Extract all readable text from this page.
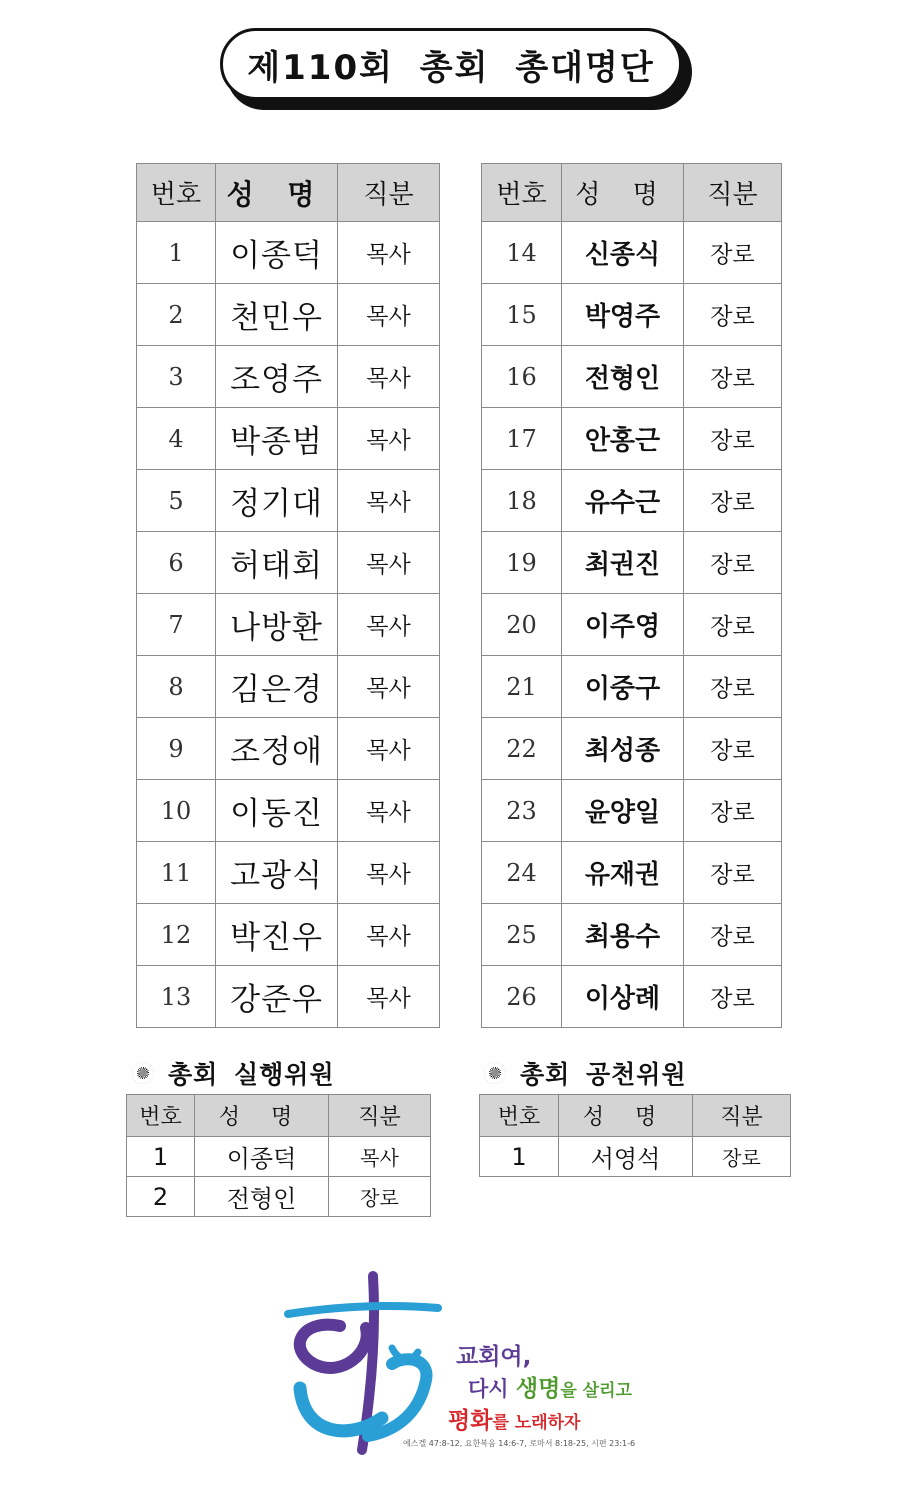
제110회 총회 총대명단
번호	성 명	직분
1	이종덕	목사
2	천민우	목사
3	조영주	목사
4	박종범	목사
5	정기대	목사
6	허태회	목사
7	나방환	목사
8	김은경	목사
9	조정애	목사
10	이동진	목사
11	고광식	목사
12	박진우	목사
13	강준우	목사
번호	성 명	직분
14	신종식	장로
15	박영주	장로
16	전형인	장로
17	안홍근	장로
18	유수근	장로
19	최권진	장로
20	이주영	장로
21	이중구	장로
22	최성종	장로
23	윤양일	장로
24	유재권	장로
25	최용수	장로
26	이상례	장로
총회 실행위원
번호	성 명	직분
1	이종덕	목사
2	전형인	장로
총회 공천위원
번호	성 명	직분
1	서영석	장로
교회여,
다시 생명을 살리고
평화를 노래하자
에스겔 47:8-12, 요한복음 14:6-7, 로마서 8:18-25, 시편 23:1-6
